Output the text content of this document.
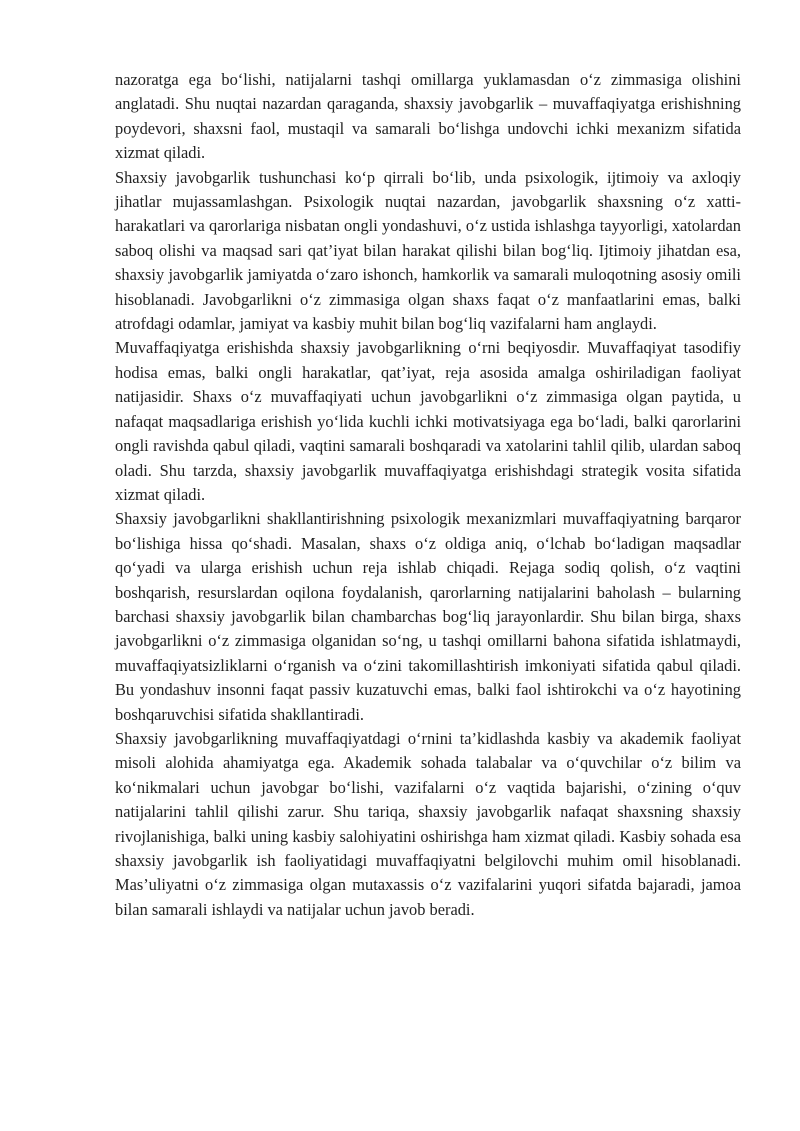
nazoratga ega bo‘lishi, natijalarni tashqi omillarga yuklamasdan o‘z zimmasiga olishini anglatadi. Shu nuqtai nazardan qaraganda, shaxsiy javobgarlik – muvaffaqiyatga erishishning poydevori, shaxsni faol, mustaqil va samarali bo‘lishga undovchi ichki mexanizm sifatida xizmat qiladi.

Shaxsiy javobgarlik tushunchasi ko‘p qirrali bo‘lib, unda psixologik, ijtimoiy va axloqiy jihatlar mujassamlashgan. Psixologik nuqtai nazardan, javobgarlik shaxsning o‘z xatti-harakatlari va qarorlariga nisbatan ongli yondashuvi, o‘z ustida ishlashga tayyorligi, xatolardan saboq olishi va maqsad sari qat’iyat bilan harakat qilishi bilan bog‘liq. Ijtimoiy jihatdan esa, shaxsiy javobgarlik jamiyatda o‘zaro ishonch, hamkorlik va samarali muloqotning asosiy omili hisoblanadi. Javobgarlikni o‘z zimmasiga olgan shaxs faqat o‘z manfaatlarini emas, balki atrofdagi odamlar, jamiyat va kasbiy muhit bilan bog‘liq vazifalarni ham anglaydi.

Muvaffaqiyatga erishishda shaxsiy javobgarlikning o‘rni beqiyosdir. Muvaffaqiyat tasodifiy hodisa emas, balki ongli harakatlar, qat’iyat, reja asosida amalga oshiriladigan faoliyat natijasidir. Shaxs o‘z muvaffaqiyati uchun javobgarlikni o‘z zimmasiga olgan paytida, u nafaqat maqsadlariga erishish yo‘lida kuchli ichki motivatsiyaga ega bo‘ladi, balki qarorlarini ongli ravishda qabul qiladi, vaqtini samarali boshqaradi va xatolarini tahlil qilib, ulardan saboq oladi. Shu tarzda, shaxsiy javobgarlik muvaffaqiyatga erishishdagi strategik vosita sifatida xizmat qiladi.

Shaxsiy javobgarlikni shakllantirishning psixologik mexanizmlari muvaffaqiyatning barqaror bo‘lishiga hissa qo‘shadi. Masalan, shaxs o‘z oldiga aniq, o‘lchab bo‘ladigan maqsadlar qo‘yadi va ularga erishish uchun reja ishlab chiqadi. Rejaga sodiq qolish, o‘z vaqtini boshqarish, resurslardan oqilona foydalanish, qarorlarning natijalarini baholash – bularning barchasi shaxsiy javobgarlik bilan chambarchas bog‘liq jarayonlardir. Shu bilan birga, shaxs javobgarlikni o‘z zimmasiga olganidan so‘ng, u tashqi omillarni bahona sifatida ishlatmaydi, muvaffaqiyatsizliklarni o‘rganish va o‘zini takomillashtirish imkoniyati sifatida qabul qiladi. Bu yondashuv insonni faqat passiv kuzatuvchi emas, balki faol ishtirokchi va o‘z hayotining boshqaruvchisi sifatida shakllantiradi.

Shaxsiy javobgarlikning muvaffaqiyatdagi o‘rnini ta’kidlashda kasbiy va akademik faoliyat misoli alohida ahamiyatga ega. Akademik sohada talabalar va o‘quvchilar o‘z bilim va ko‘nikmalari uchun javobgar bo‘lishi, vazifalarni o‘z vaqtida bajarishi, o‘zining o‘quv natijalarini tahlil qilishi zarur. Shu tariqa, shaxsiy javobgarlik nafaqat shaxsning shaxsiy rivojlanishiga, balki uning kasbiy salohiyatini oshirishga ham xizmat qiladi. Kasbiy sohada esa shaxsiy javobgarlik ish faoliyatidagi muvaffaqiyatni belgilovchi muhim omil hisoblanadi. Mas’uliyatni o‘z zimmasiga olgan mutaxassis o‘z vazifalarini yuqori sifatda bajaradi, jamoa bilan samarali ishlaydi va natijalar uchun javob beradi.
